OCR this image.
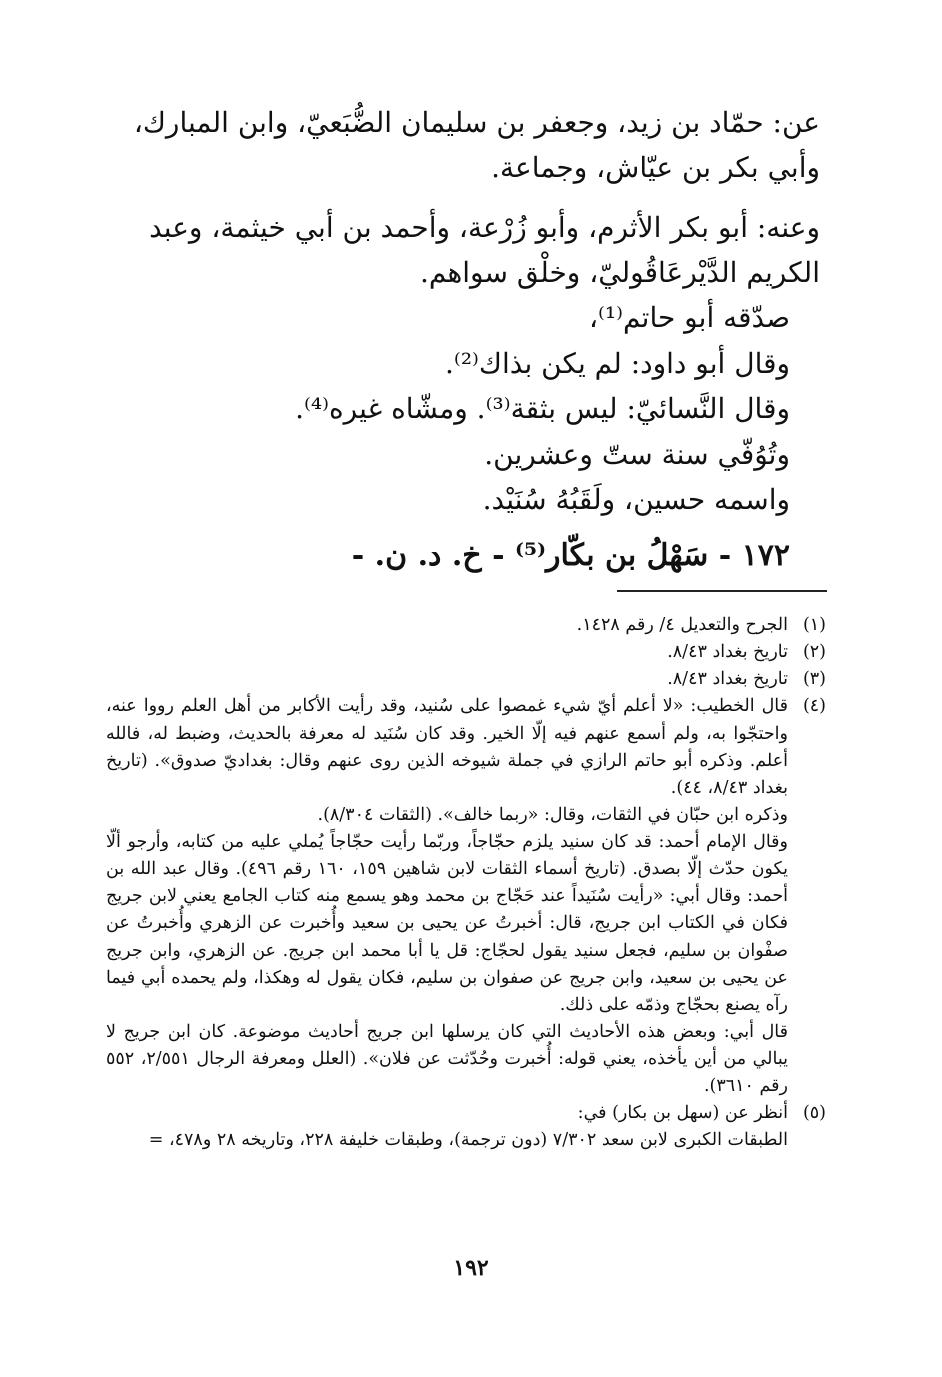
عن: حمّاد بن زيد، وجعفر بن سليمان الضُّبَعيّ، وابن المبارك، وأبي بكر بن عيّاش، وجماعة.

وعنه: أبو بكر الأثرم، وأبو زُرْعة، وأحمد بن أبي خيثمة، وعبد الكريم الدَّيْرعَاقُوليّ، وخلْق سواهم.

صدّقه أبو حاتم⁽¹⁾،

وقال أبو داود: لم يكن بذاك⁽²⁾.

وقال النَّسائيّ: ليس بثقة⁽³⁾. ومشّاه غيره⁽⁴⁾.

وتُوُفّي سنة ستّ وعشرين.

واسمه حسين، ولَقَبُهُ سُنَيْد.

١٧٢ - سَهْلُ بن بكّار⁽⁵⁾ - خ. د. ن. -

(١)

الجرح والتعديل ٤/ رقم ١٤٢٨.

(٢)

تاريخ بغداد ٨/٤٣.

(٣)

تاريخ بغداد ٨/٤٣.

(٤)

قال الخطيب: «لا أعلم أيّ شيء غمصوا على سُنيد، وقد رأيت الأكابر من أهل العلم رووا عنه، واحتجّوا به، ولم أسمع عنهم فيه إلّا الخير. وقد كان سُنَيد له معرفة بالحديث، وضبط له، فالله أعلم. وذكره أبو حاتم الرازي في جملة شيوخه الذين روى عنهم وقال: بغداديّ صدوق». (تاريخ بغداد ٨/٤٣، ٤٤).

وذكره ابن حبّان في الثقات، وقال: «ربما خالف». (الثقات ٨/٣٠٤).

وقال الإمام أحمد: قد كان سنيد يلزم حجّاجاً، وربّما رأيت حجّاجاً يُملي عليه من كتابه، وأرجو ألّا يكون حدّث إلّا بصدق. (تاريخ أسماء الثقات لابن شاهين ١٥٩، ١٦٠ رقم ٤٩٦). وقال عبد الله بن أحمد: وقال أبي: «رأيت سُنَيداً عند حَجّاج بن محمد وهو يسمع منه كتاب الجامع يعني لابن جريج فكان في الكتاب ابن جريج، قال: أخبرتُ عن يحيى بن سعيد وأُخبرت عن الزهري وأُخبرتُ عن صفْوان بن سليم، فجعل سنيد يقول لحجّاج: قل يا أبا محمد ابن جريج. عن الزهري، وابن جريج عن يحيى بن سعيد، وابن جريج عن صفوان بن سليم، فكان يقول له وهكذا، ولم يحمده أبي فيما رآه يصنع بحجّاج وذمّه على ذلك.

قال أبي: وبعض هذه الأحاديث التي كان يرسلها ابن جريج أحاديث موضوعة. كان ابن جريج لا يبالي من أين يأخذه، يعني قوله: أُخبرت وحُدّثت عن فلان». (العلل ومعرفة الرجال ٢/٥٥١، ٥٥٢ رقم ٣٦١٠).

(٥)

أنظر عن (سهل بن بكار) في:

الطبقات الكبرى لابن سعد ٧/٣٠٢ (دون ترجمة)، وطبقات خليفة ٢٢٨، وتاريخه ٢٨ و٤٧٨، =

١٩٢
